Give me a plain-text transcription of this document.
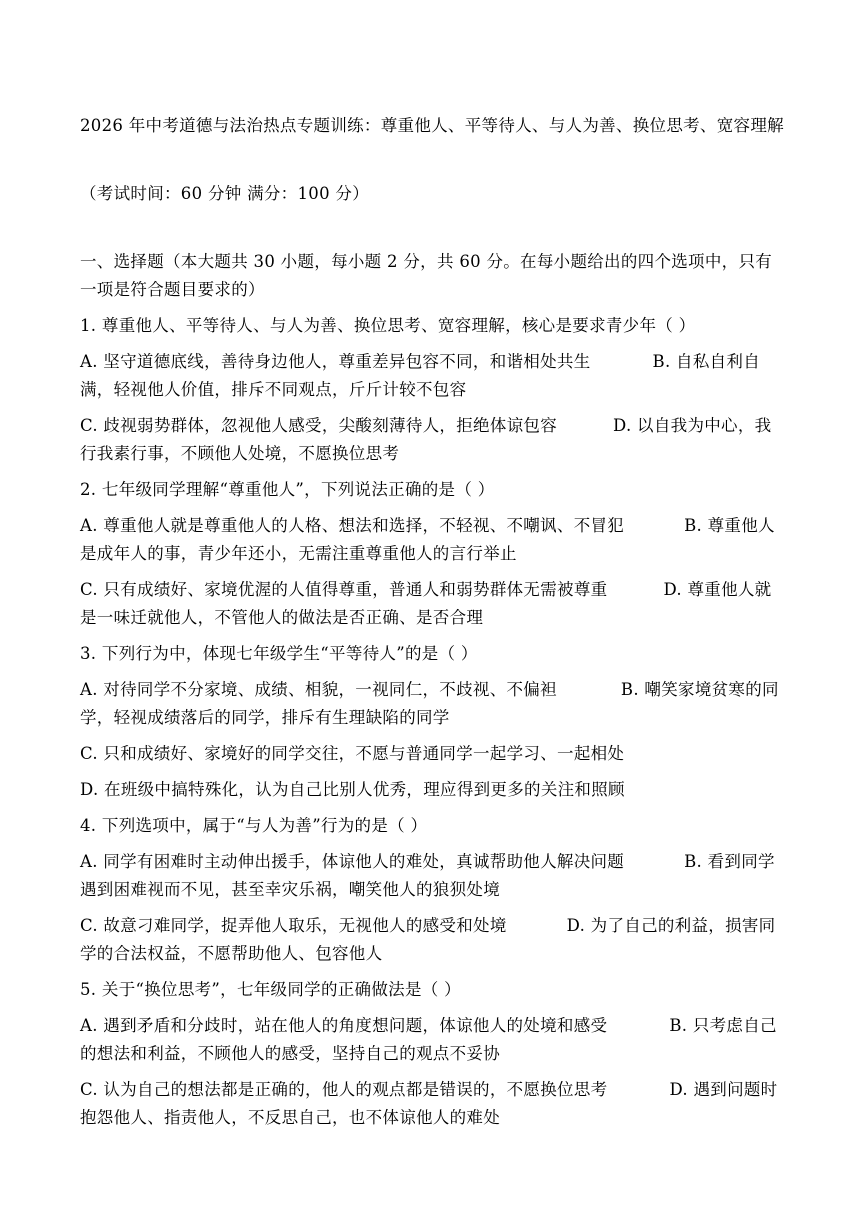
2026 年中考道德与法治热点专题训练：尊重他人、平等待人、与人为善、换位思考、宽容理解

（考试时间：60 分钟 满分：100 分）
一、选择题（本大题共 30 小题，每小题 2 分，共 60 分。在每小题给出的四个选项中，只有一项是符合题目要求的）
1. 尊重他人、平等待人、与人为善、换位思考、宽容理解，核心是要求青少年（ ）
A. 坚守道德底线，善待身边他人，尊重差异包容不同，和谐相处共生	B. 自私自利自满，轻视他人价值，排斥不同观点，斤斤计较不包容
C. 歧视弱势群体，忽视他人感受，尖酸刻薄待人，拒绝体谅包容	D. 以自我为中心，我行我素行事，不顾他人处境，不愿换位思考
2. 七年级同学理解“尊重他人”，下列说法正确的是（ ）
A. 尊重他人就是尊重他人的人格、想法和选择，不轻视、不嘲讽、不冒犯	B. 尊重他人是成年人的事，青少年还小，无需注重尊重他人的言行举止
C. 只有成绩好、家境优渥的人值得尊重，普通人和弱势群体无需被尊重	D. 尊重他人就是一味迁就他人，不管他人的做法是否正确、是否合理
3. 下列行为中，体现七年级学生“平等待人”的是（ ）
A. 对待同学不分家境、成绩、相貌，一视同仁，不歧视、不偏袒	B. 嘲笑家境贫寒的同学，轻视成绩落后的同学，排斥有生理缺陷的同学
C. 只和成绩好、家境好的同学交往，不愿与普通同学一起学习、一起相处
D. 在班级中搞特殊化，认为自己比别人优秀，理应得到更多的关注和照顾
4. 下列选项中，属于“与人为善”行为的是（ ）
A. 同学有困难时主动伸出援手，体谅他人的难处，真诚帮助他人解决问题	B. 看到同学遇到困难视而不见，甚至幸灾乐祸，嘲笑他人的狼狈处境
C. 故意刁难同学，捉弄他人取乐，无视他人的感受和处境	D. 为了自己的利益，损害同学的合法权益，不愿帮助他人、包容他人
5. 关于“换位思考”，七年级同学的正确做法是（ ）
A. 遇到矛盾和分歧时，站在他人的角度想问题，体谅他人的处境和感受	B. 只考虑自己的想法和利益，不顾他人的感受，坚持自己的观点不妥协
C. 认为自己的想法都是正确的，他人的观点都是错误的，不愿换位思考	D. 遇到问题时抱怨他人、指责他人，不反思自己，也不体谅他人的难处
